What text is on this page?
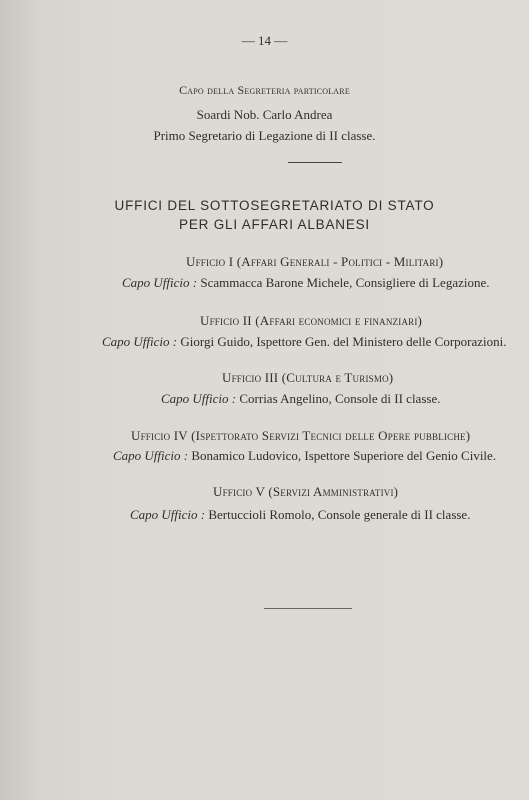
— 14 —
Capo della Segreteria particolare
Soardi Nob. Carlo Andrea
Primo Segretario di Legazione di II classe.
UFFICI DEL SOTTOSEGRETARIATO DI STATO
PER GLI AFFARI ALBANESI
Ufficio I (Affari Generali - Politici - Militari)
Capo Ufficio : Scammacca Barone Michele, Consigliere di Legazione.
Ufficio II (Affari economici e finanziari)
Capo Ufficio : Giorgi Guido, Ispettore Gen. del Ministero delle Corporazioni.
Ufficio III (Cultura e Turismo)
Capo Ufficio : Corrias Angelino, Console di II classe.
Ufficio IV (Ispettorato Servizi Tecnici delle Opere pubbliche)
Capo Ufficio : Bonamico Ludovico, Ispettore Superiore del Genio Civile.
Ufficio V (Servizi Amministrativi)
Capo Ufficio : Bertuccioli Romolo, Console generale di II classe.
